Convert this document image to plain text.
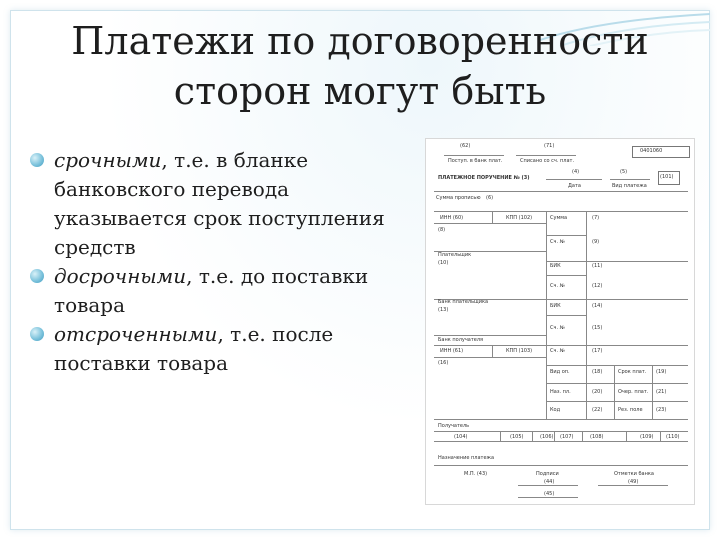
Платежи по договоренности
сторон могут быть
срочными, т.е. в бланке банковского перевода указывается срок поступления средств
досрочными, т.е. до поставки товара
отсроченными, т.е. после поставки товара
(62)	(71)
Поступ. в банк плат.	Списано со сч. плат.
0401060
(101)
ПЛАТЕЖНОЕ ПОРУЧЕНИЕ № (3)
(4)	(5)
Дата	Вид платежа
Сумма прописью (6)
ИНН (60)	КПП (102)	Сумма	(7)
(8)
Сч. №	(9)
Плательщик
(10)	БИК	(11)
Сч. №	(12)
Банк плательщика
(13)
БИК	(14)
Сч. №	(15)
Банк получателя
ИНН (61)	КПП (103)	Сч. №	(17)
(16)
Вид оп.	(18)	Срок плат. (19)
Наз. пл.	(20)	Очер. плат. (21)
Код	(22)	Рез. поле	(23)
Получатель
(104)	(105)	(106) (107)	(108)	(109)	(110)
Назначение платежа
М.П. (43)	Подписи	Отметки банка
(44)
(45)
(49)
